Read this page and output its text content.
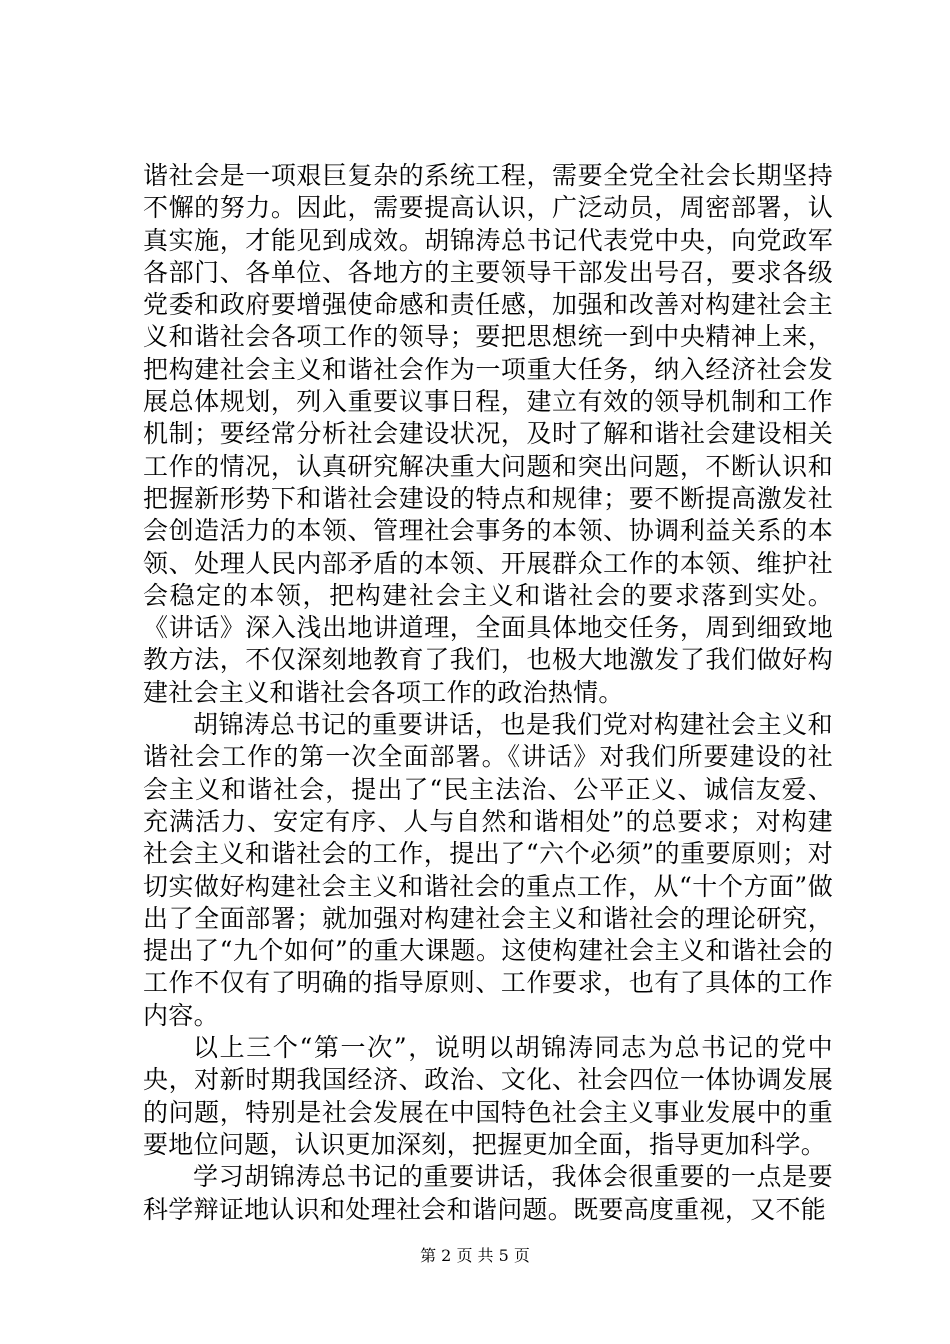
谐社会是一项艰巨复杂的系统工程，需要全党全社会长期坚持不懈的努力。因此，需要提高认识，广泛动员，周密部署，认真实施，才能见到成效。胡锦涛总书记代表党中央，向党政军各部门、各单位、各地方的主要领导干部发出号召，要求各级党委和政府要增强使命感和责任感，加强和改善对构建社会主义和谐社会各项工作的领导；要把思想统一到中央精神上来，把构建社会主义和谐社会作为一项重大任务，纳入经济社会发展总体规划，列入重要议事日程，建立有效的领导机制和工作机制；要经常分析社会建设状况，及时了解和谐社会建设相关工作的情况，认真研究解决重大问题和突出问题，不断认识和把握新形势下和谐社会建设的特点和规律；要不断提高激发社会创造活力的本领、管理社会事务的本领、协调利益关系的本领、处理人民内部矛盾的本领、开展群众工作的本领、维护社会稳定的本领，把构建社会主义和谐社会的要求落到实处。《讲话》深入浅出地讲道理，全面具体地交任务，周到细致地教方法，不仅深刻地教育了我们，也极大地激发了我们做好构建社会主义和谐社会各项工作的政治热情。

胡锦涛总书记的重要讲话，也是我们党对构建社会主义和谐社会工作的第一次全面部署。《讲话》对我们所要建设的社会主义和谐社会，提出了“民主法治、公平正义、诚信友爱、充满活力、安定有序、人与自然和谐相处”的总要求；对构建社会主义和谐社会的工作，提出了“六个必须”的重要原则；对切实做好构建社会主义和谐社会的重点工作，从“十个方面”做出了全面部署；就加强对构建社会主义和谐社会的理论研究，提出了“九个如何”的重大课题。这使构建社会主义和谐社会的工作不仅有了明确的指导原则、工作要求，也有了具体的工作内容。

以上三个“第一次”，说明以胡锦涛同志为总书记的党中央，对新时期我国经济、政治、文化、社会四位一体协调发展的问题，特别是社会发展在中国特色社会主义事业发展中的重要地位问题，认识更加深刻，把握更加全面，指导更加科学。

学习胡锦涛总书记的重要讲话，我体会很重要的一点是要科学辩证地认识和处理社会和谐问题。既要高度重视，又不能

第 2 页 共 5 页
